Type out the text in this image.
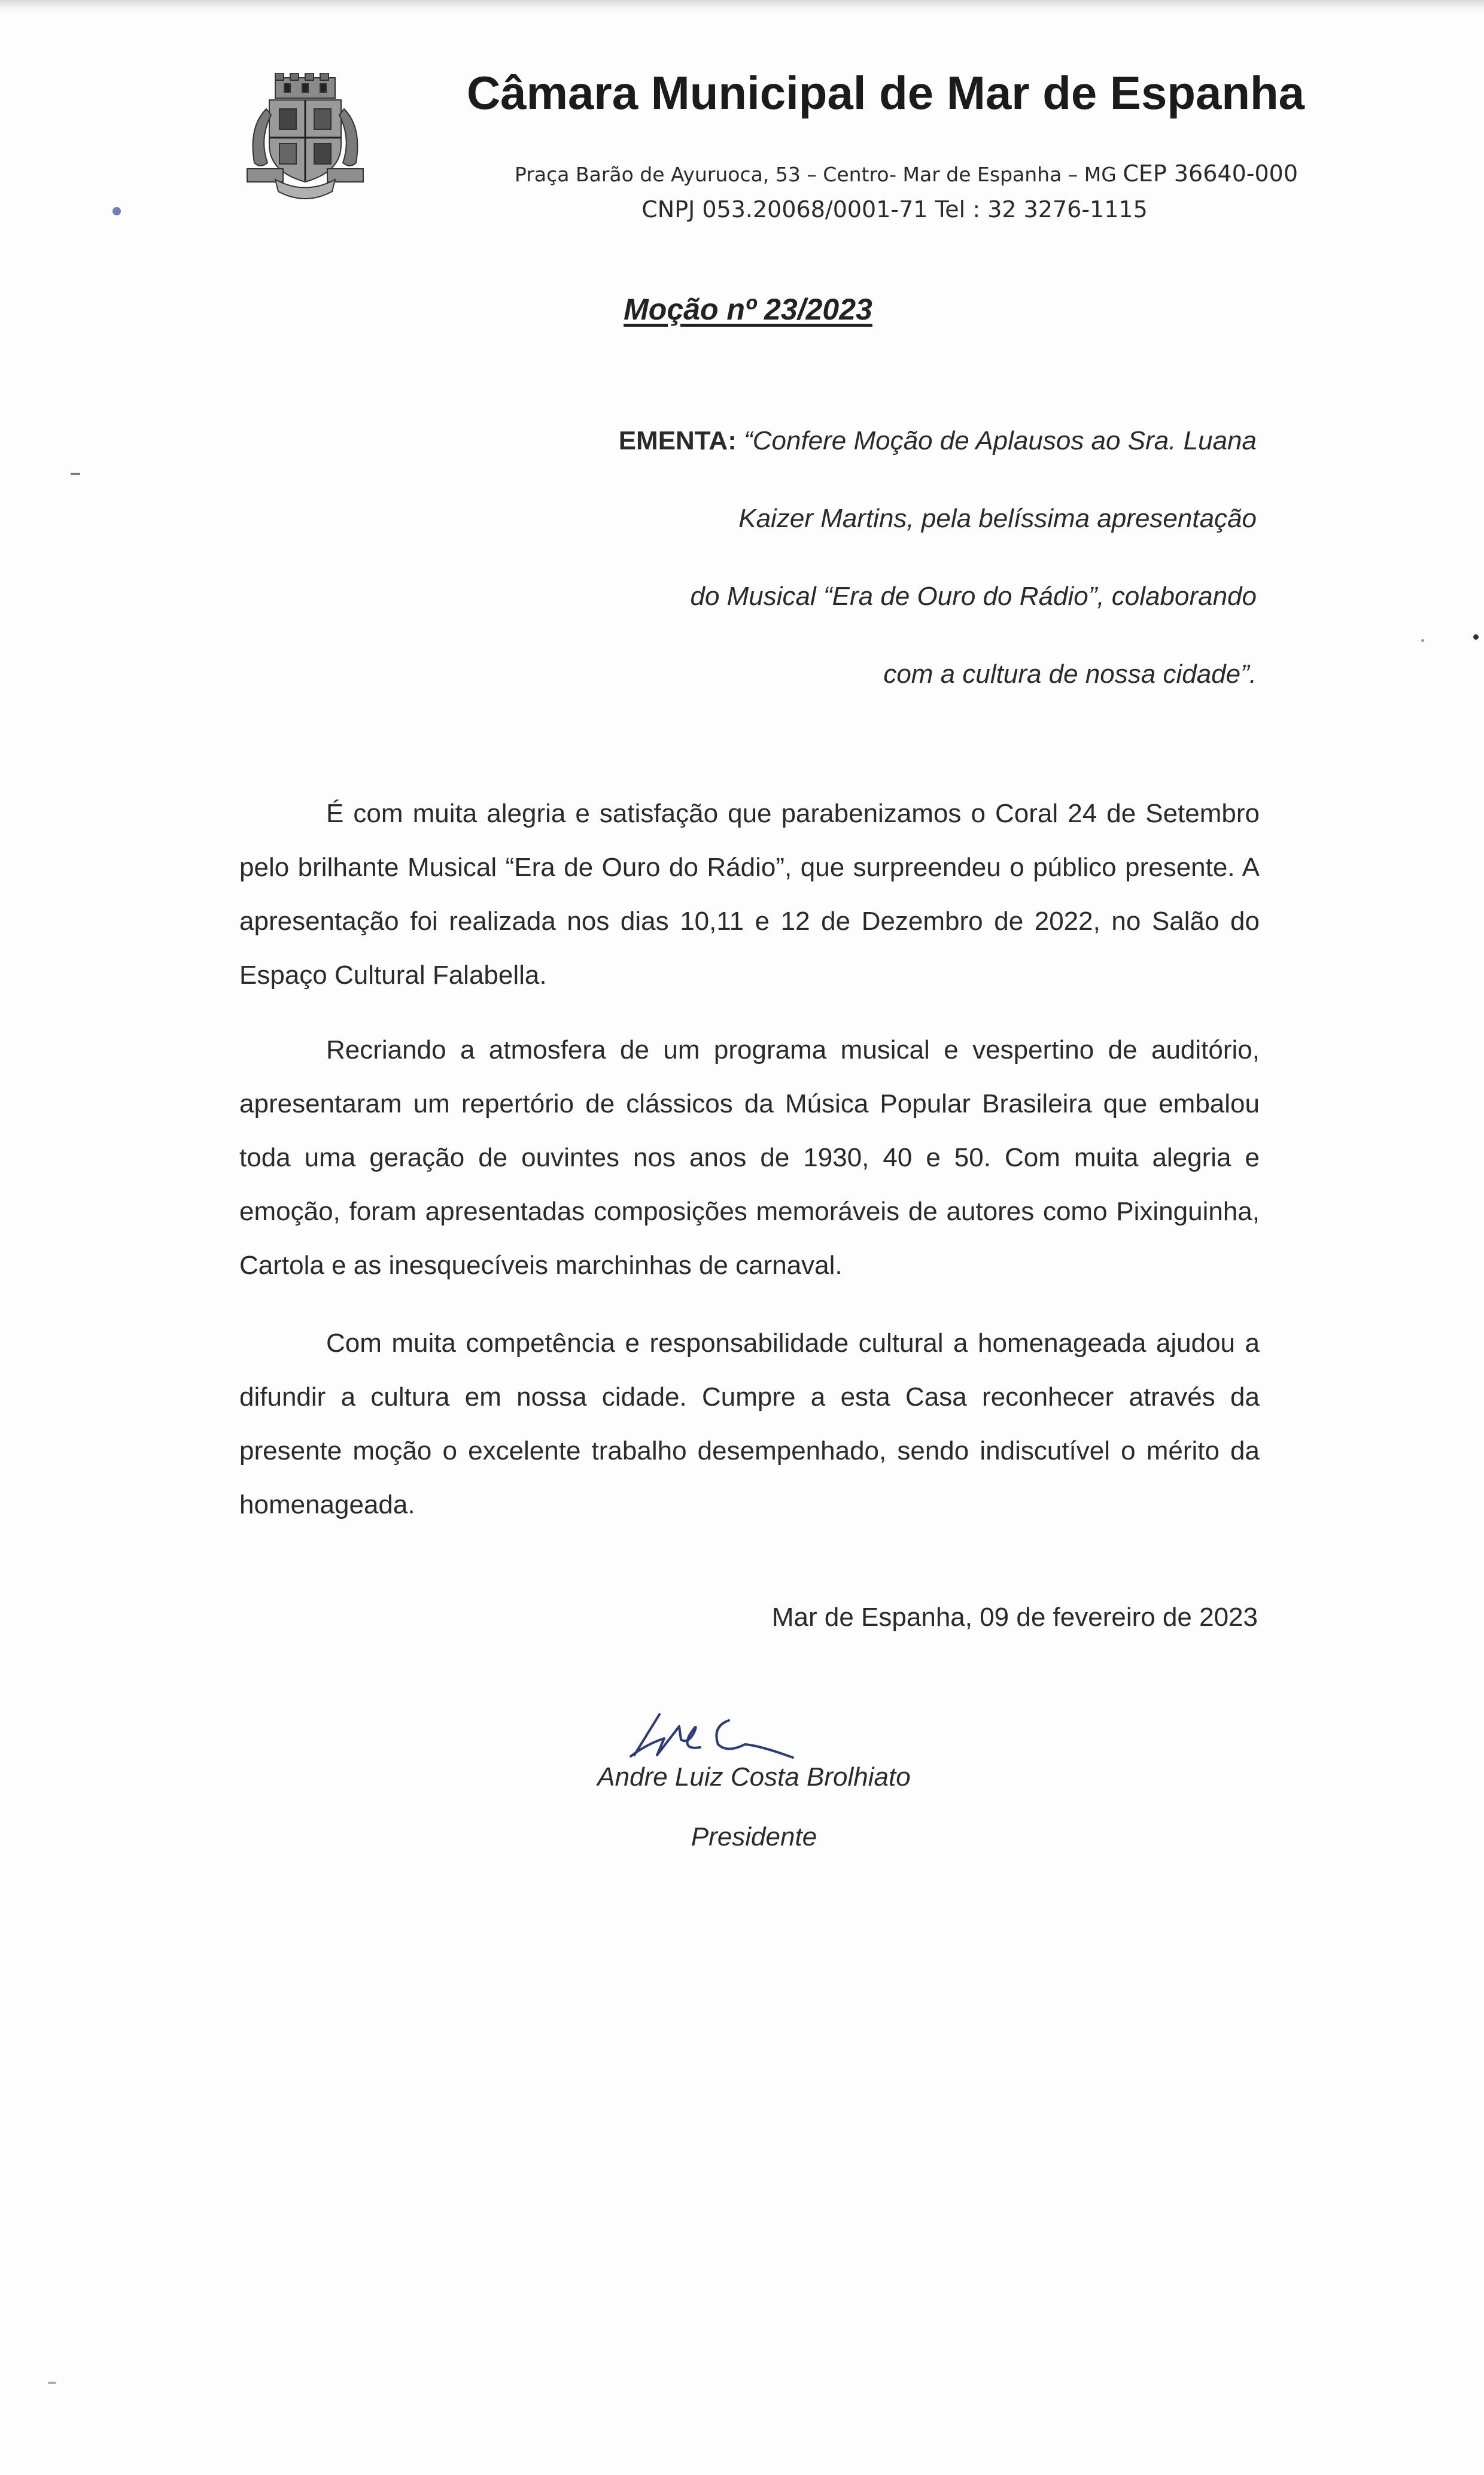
Câmara Municipal de Mar de Espanha
Praça Barão de Ayuruoca, 53 – Centro- Mar de Espanha – MG CEP 36640-000
CNPJ 053.20068/0001-71 Tel : 32 3276-1115
Moção nº 23/2023
EMENTA: “Confere Moção de Aplausos ao Sra. Luana
Kaizer Martins, pela belíssima apresentação
do Musical “Era de Ouro do Rádio”, colaborando
com a cultura de nossa cidade”.

É com muita alegria e satisfação que parabenizamos o Coral 24 de Setembro pelo brilhante Musical “Era de Ouro do Rádio”, que surpreendeu o público presente. A apresentação foi realizada nos dias 10,11 e 12 de Dezembro de 2022, no Salão do Espaço Cultural Falabella.

Recriando a atmosfera de um programa musical e vespertino de auditório, apresentaram um repertório de clássicos da Música Popular Brasileira que embalou toda uma geração de ouvintes nos anos de 1930, 40 e 50. Com muita alegria e emoção, foram apresentadas composições memoráveis de autores como Pixinguinha, Cartola e as inesquecíveis marchinhas de carnaval.

Com muita competência e responsabilidade cultural a homenageada ajudou a difundir a cultura em nossa cidade. Cumpre a esta Casa reconhecer através da presente moção o excelente trabalho desempenhado, sendo indiscutível o mérito da homenageada.

Mar de Espanha, 09 de fevereiro de 2023
Andre Luiz Costa Brolhiato
Presidente
